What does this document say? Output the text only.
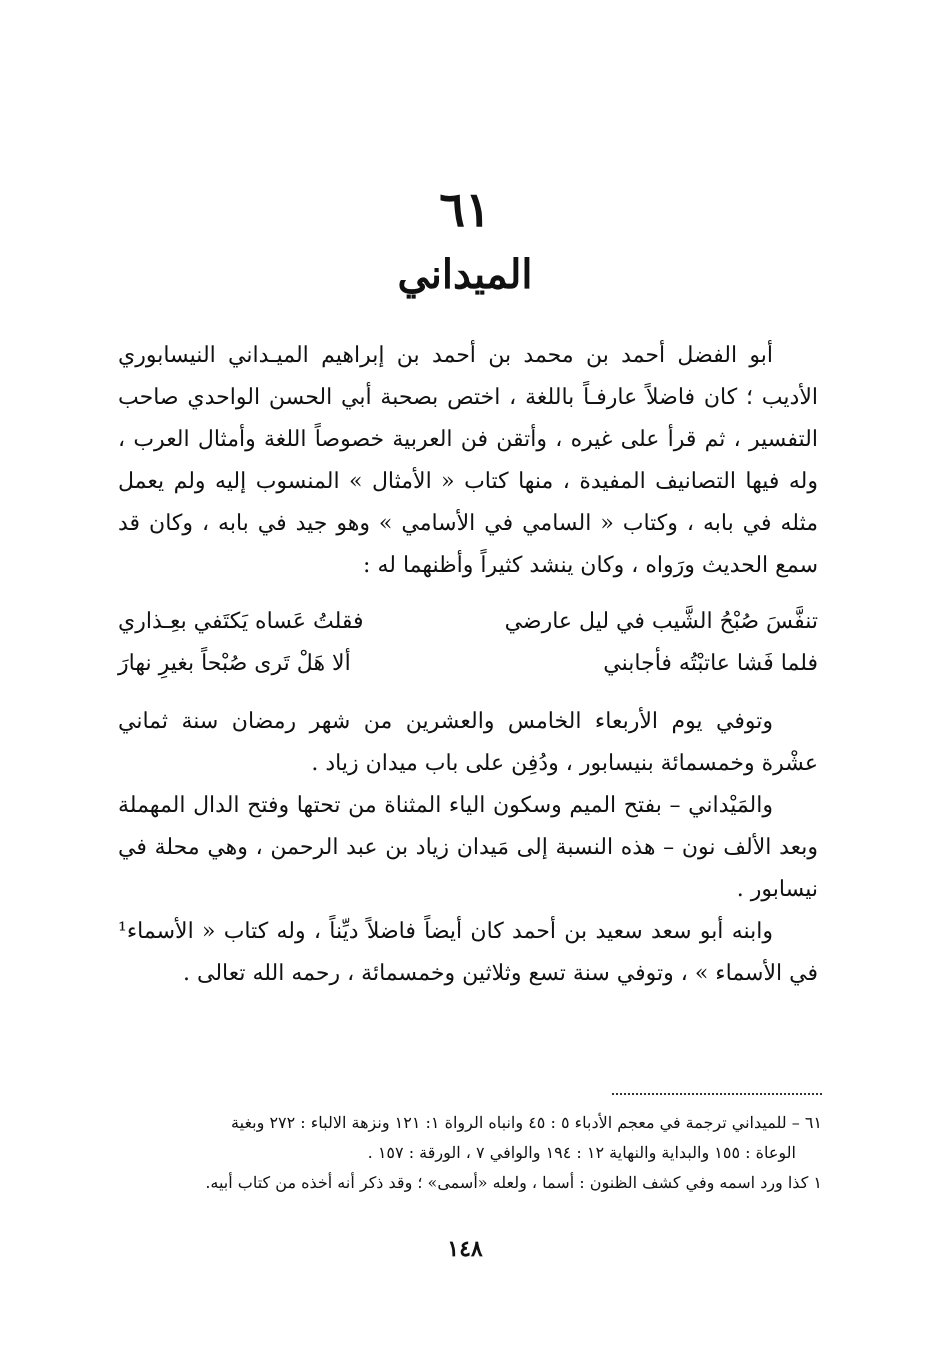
٦١
الميداني

أبو الفضل أحمد بن محمد بن أحمد بن إبراهيم الميـداني النيسابوري الأديب ؛ كان فاضلاً عارفـاً باللغة ، اختص بصحبة أبي الحسن الواحدي صاحب التفسير ، ثم قرأ على غيره ، وأتقن فن العربية خصوصاً اللغة وأمثال العرب ، وله فيها التصانيف المفيدة ، منها كتاب « الأمثال » المنسوب إليه ولم يعمل مثله في بابه ، وكتاب « السامي في الأسامي » وهو جيد في بابه ، وكان قد سمع الحديث ورَواه ، وكان ينشد كثيراً وأظنهما له :

تنفَّسَ صُبْحُ الشَّيب في ليل عارضي
فقلتُ عَساه يَكتَفي بعِـذاري
فلما فَشا عاتبْتُه فأجابني
ألا هَلْ تَرى صُبْحاً بغيرِ نهارَ

وتوفي يوم الأربعاء الخامس والعشرين من شهر رمضان سنة ثماني عشْرة وخمسمائة بنيسابور ، ودُفِن على باب ميدان زياد .

والمَيْداني – بفتح الميم وسكون الياء المثناة من تحتها وفتح الدال المهملة وبعد الألف نون – هذه النسبة إلى مَيدان زياد بن عبد الرحمن ، وهي محلة في نيسابور .

وابنه أبو سعد سعيد بن أحمد كان أيضاً فاضلاً ديِّناً ، وله كتاب « الأسماء¹ في الأسماء » ، وتوفي سنة تسع وثلاثين وخمسمائة ، رحمه الله تعالى .

٦١ – للميداني ترجمة في معجم الأدباء ٥ : ٤٥ وانباه الرواة ١: ١٢١ ونزهة الالباء : ٢٧٢ وبغية

الوعاة : ١٥٥ والبداية والنهاية ١٢ : ١٩٤ والوافي ٧ ، الورقة : ١٥٧ .

١ كذا ورد اسمه وفي كشف الظنون : أسما ، ولعله «أسمى» ؛ وقد ذكر أنه أخذه من كتاب أبيه.

١٤٨
